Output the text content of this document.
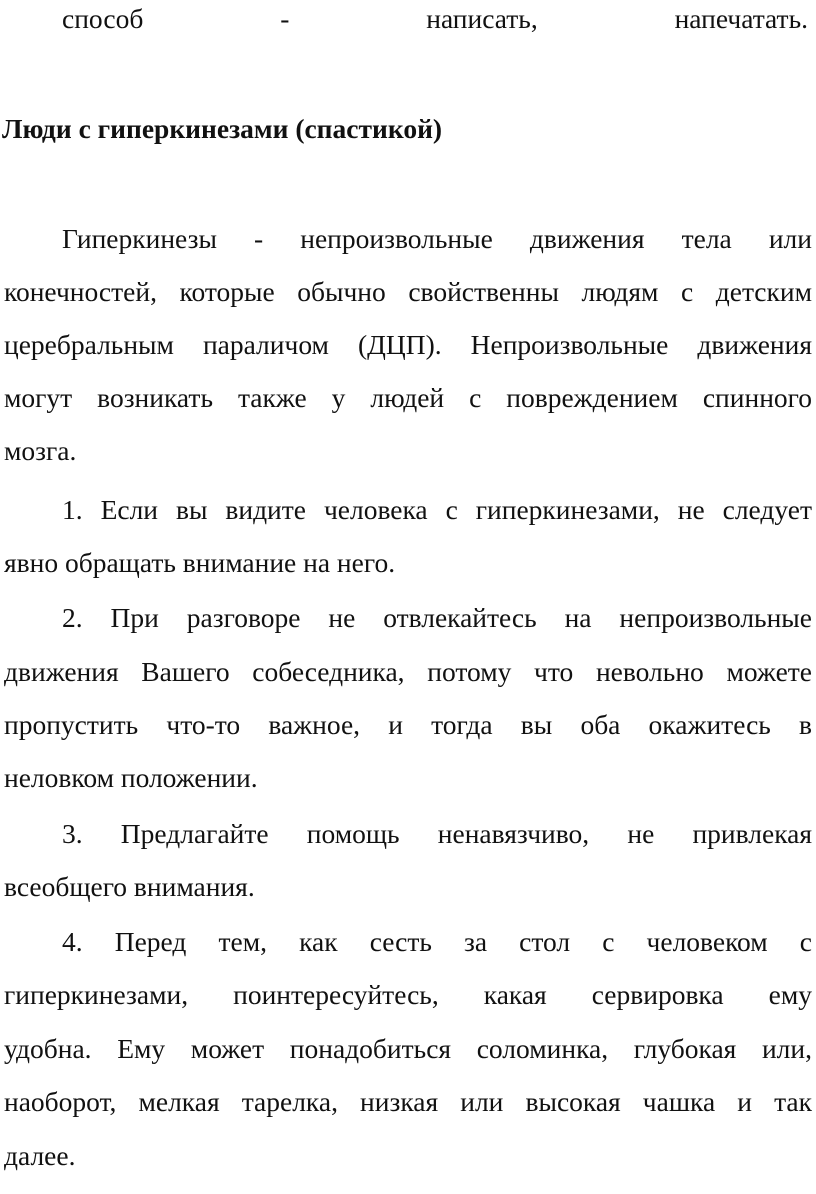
способ	-	написать,	напечатать.
Люди с гиперкинезами (спастикой)
Гиперкинезы - непроизвольные движения тела или
конечностей, которые обычно свойственны людям с детским
церебральным параличом (ДЦП). Непроизвольные движения
могут возникать также у людей с повреждением спинного
мозга.
1. Если вы видите человека с гиперкинезами, не следует
явно обращать внимание на него.
2. При разговоре не отвлекайтесь на непроизвольные
движения Вашего собеседника, потому что невольно можете
пропустить что-то важное, и тогда вы оба окажитесь в
неловком положении.
3. Предлагайте помощь ненавязчиво, не привлекая
всеобщего внимания.
4. Перед тем, как сесть за стол с человеком с
гиперкинезами, поинтересуйтесь, какая сервировка ему
удобна. Ему может понадобиться соломинка, глубокая или,
наоборот, мелкая тарелка, низкая или высокая чашка и так
далее.
